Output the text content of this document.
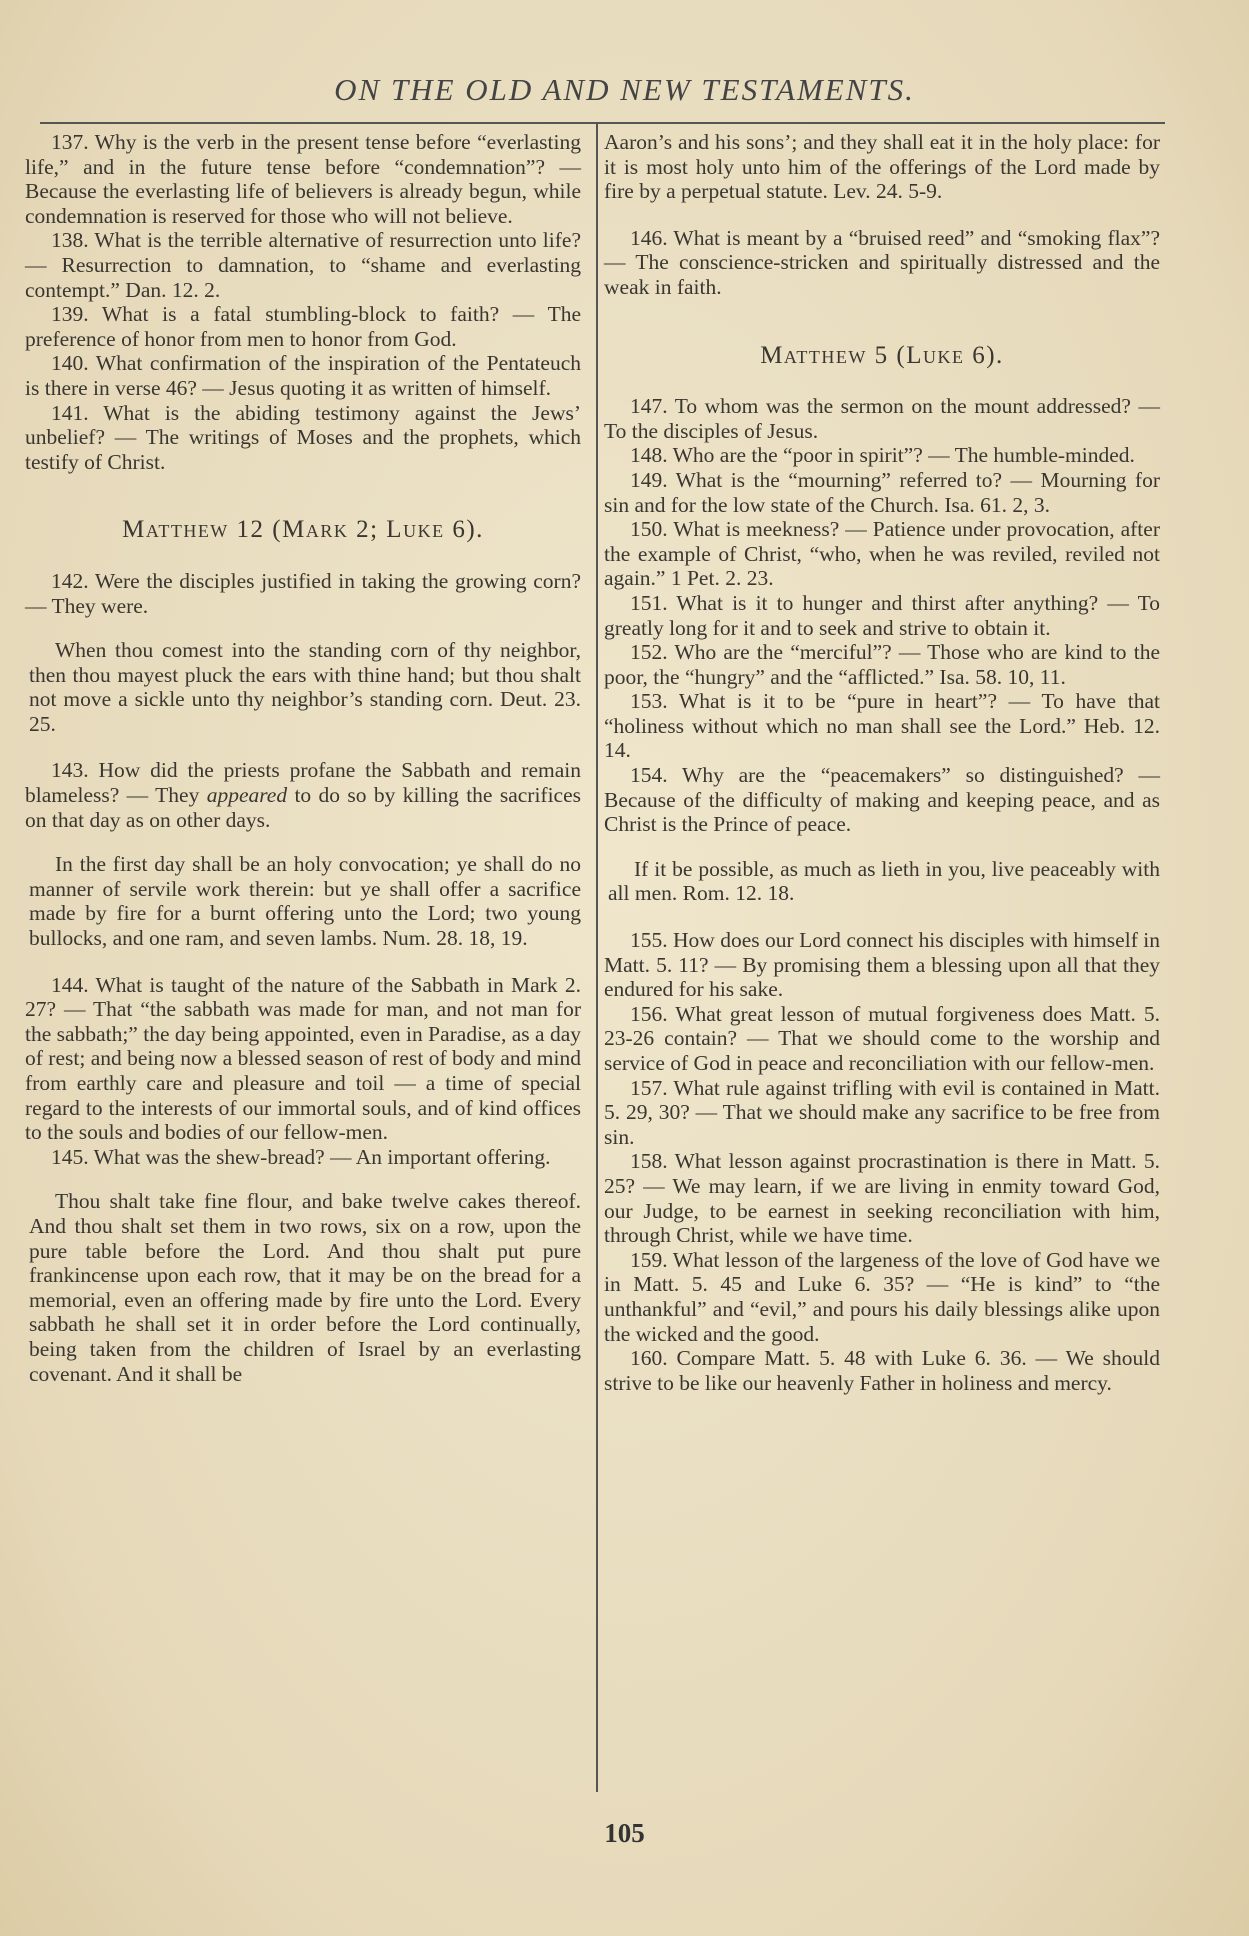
ON THE OLD AND NEW TESTAMENTS.

137. Why is the verb in the present tense before “everlasting life,” and in the future tense before “condemnation”? — Because the everlasting life of believers is already begun, while condemnation is reserved for those who will not believe.

138. What is the terrible alternative of resurrection unto life? — Resurrection to damnation, to “shame and everlasting contempt.” Dan. 12. 2.

139. What is a fatal stumbling-block to faith? — The preference of honor from men to honor from God.

140. What confirmation of the inspiration of the Pentateuch is there in verse 46? — Jesus quoting it as written of himself.

141. What is the abiding testimony against the Jews’ unbelief? — The writings of Moses and the prophets, which testify of Christ.

Matthew 12 (Mark 2; Luke 6).

142. Were the disciples justified in taking the growing corn? — They were.

When thou comest into the standing corn of thy neighbor, then thou mayest pluck the ears with thine hand; but thou shalt not move a sickle unto thy neighbor’s standing corn. Deut. 23. 25.

143. How did the priests profane the Sabbath and remain blameless? — They appeared to do so by killing the sacrifices on that day as on other days.

In the first day shall be an holy convocation; ye shall do no manner of servile work therein: but ye shall offer a sacrifice made by fire for a burnt offering unto the Lord; two young bullocks, and one ram, and seven lambs. Num. 28. 18, 19.

144. What is taught of the nature of the Sabbath in Mark 2. 27? — That “the sabbath was made for man, and not man for the sabbath;” the day being appointed, even in Paradise, as a day of rest; and being now a blessed season of rest of body and mind from earthly care and pleasure and toil — a time of special regard to the interests of our immortal souls, and of kind offices to the souls and bodies of our fellow-men.

145. What was the shew-bread? — An important offering.

Thou shalt take fine flour, and bake twelve cakes thereof. And thou shalt set them in two rows, six on a row, upon the pure table before the Lord. And thou shalt put pure frankincense upon each row, that it may be on the bread for a memorial, even an offering made by fire unto the Lord. Every sabbath he shall set it in order before the Lord continually, being taken from the children of Israel by an everlasting covenant. And it shall be

Aaron’s and his sons’; and they shall eat it in the holy place: for it is most holy unto him of the offerings of the Lord made by fire by a perpetual statute. Lev. 24. 5-9.

146. What is meant by a “bruised reed” and “smoking flax”? — The conscience-stricken and spiritually distressed and the weak in faith.

Matthew 5 (Luke 6).

147. To whom was the sermon on the mount addressed? — To the disciples of Jesus.

148. Who are the “poor in spirit”? — The humble-minded.

149. What is the “mourning” referred to? — Mourning for sin and for the low state of the Church. Isa. 61. 2, 3.

150. What is meekness? — Patience under provocation, after the example of Christ, “who, when he was reviled, reviled not again.” 1 Pet. 2. 23.

151. What is it to hunger and thirst after anything? — To greatly long for it and to seek and strive to obtain it.

152. Who are the “merciful”? — Those who are kind to the poor, the “hungry” and the “afflicted.” Isa. 58. 10, 11.

153. What is it to be “pure in heart”? — To have that “holiness without which no man shall see the Lord.” Heb. 12. 14.

154. Why are the “peacemakers” so distinguished? — Because of the difficulty of making and keeping peace, and as Christ is the Prince of peace.

If it be possible, as much as lieth in you, live peaceably with all men. Rom. 12. 18.

155. How does our Lord connect his disciples with himself in Matt. 5. 11? — By promising them a blessing upon all that they endured for his sake.

156. What great lesson of mutual forgiveness does Matt. 5. 23-26 contain? — That we should come to the worship and service of God in peace and reconciliation with our fellow-men.

157. What rule against trifling with evil is contained in Matt. 5. 29, 30? — That we should make any sacrifice to be free from sin.

158. What lesson against procrastination is there in Matt. 5. 25? — We may learn, if we are living in enmity toward God, our Judge, to be earnest in seeking reconciliation with him, through Christ, while we have time.

159. What lesson of the largeness of the love of God have we in Matt. 5. 45 and Luke 6. 35? — “He is kind” to “the unthankful” and “evil,” and pours his daily blessings alike upon the wicked and the good.

160. Compare Matt. 5. 48 with Luke 6. 36. — We should strive to be like our heavenly Father in holiness and mercy.

105
